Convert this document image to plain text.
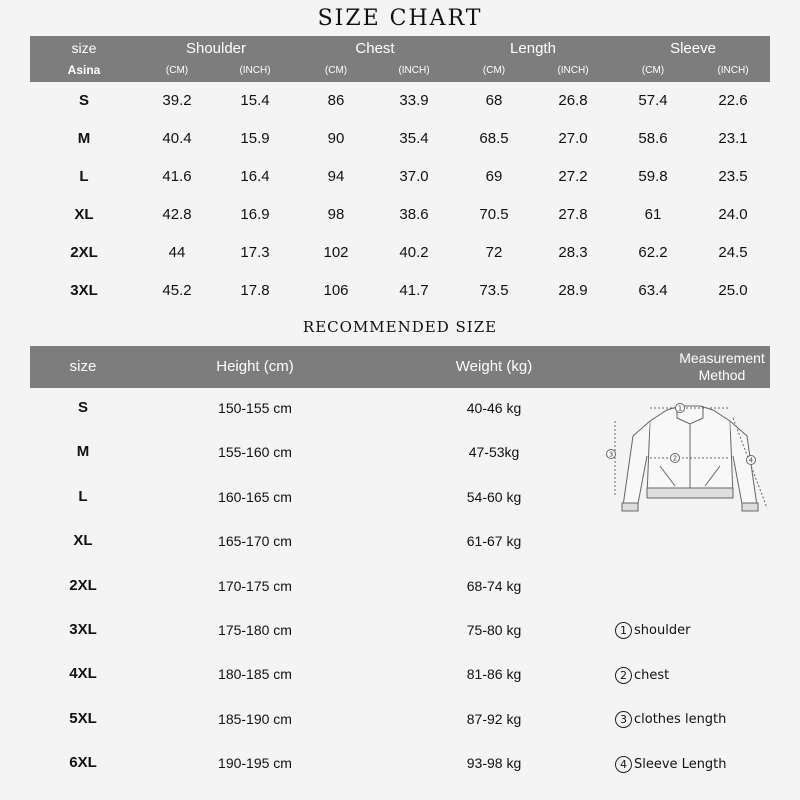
SIZE CHART
size
Asina
Shoulder	Chest	Length	Sleeve
(CM)	(INCH)	(CM)	(INCH)	(CM)	(INCH)	(CM)	(INCH)
S	39.2	15.4	86	33.9	68	26.8	57.4	22.6
M	40.4	15.9	90	35.4	68.5	27.0	58.6	23.1
L	41.6	16.4	94	37.0	69	27.2	59.8	23.5
XL	42.8	16.9	98	38.6	70.5	27.8	61	24.0
2XL	44	17.3	102	40.2	72	28.3	62.2	24.5
3XL	45.2	17.8	106	41.7	73.5	28.9	63.4	25.0
RECOMMENDED SIZE
size	Height (cm)	Weight (kg)	Measurement
Method
S	150-155 cm	40-46 kg
M	155-160 cm	47-53kg
L	160-165 cm	54-60 kg
XL	165-170 cm	61-67 kg
2XL	170-175 cm	68-74 kg
3XL	175-180 cm	75-80 kg
4XL	180-185 cm	81-86 kg
5XL	185-190 cm	87-92 kg
6XL	190-195 cm	93-98 kg
1
2
3
4
1 shoulder
2 chest
3 clothes length
4 Sleeve Length
